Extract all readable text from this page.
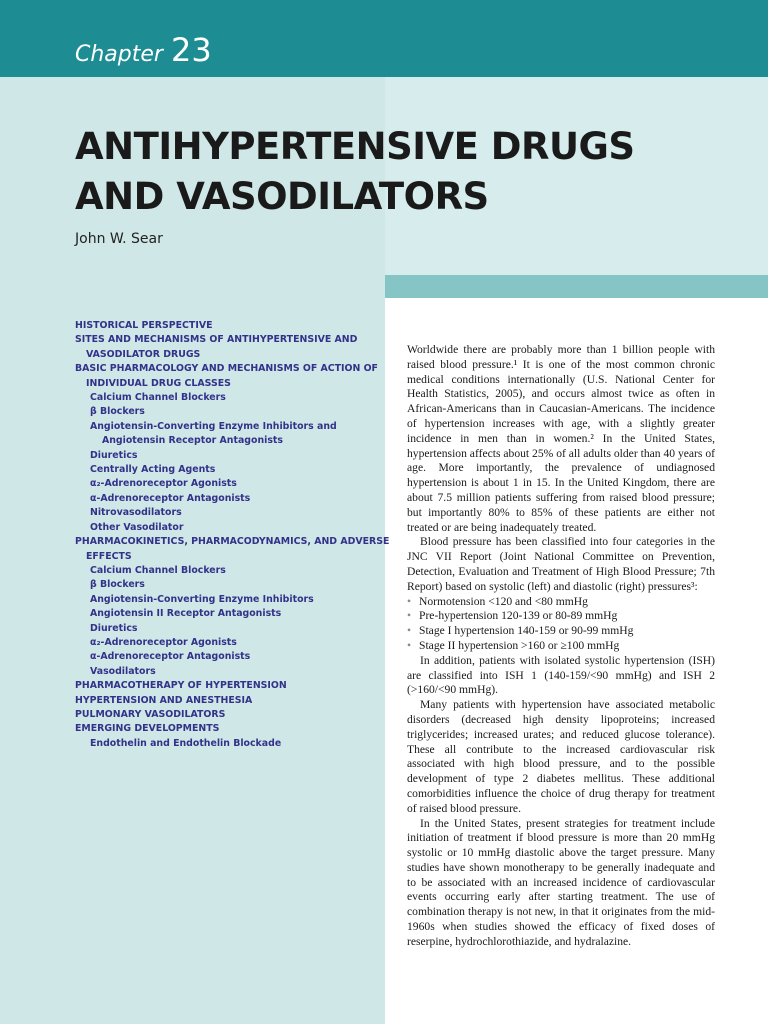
Chapter 23
ANTIHYPERTENSIVE DRUGS
AND VASODILATORS
John W. Sear
HISTORICAL PERSPECTIVE
SITES AND MECHANISMS OF ANTIHYPERTENSIVE AND
VASODILATOR DRUGS
BASIC PHARMACOLOGY AND MECHANISMS OF ACTION OF
INDIVIDUAL DRUG CLASSES
Calcium Channel Blockers
β Blockers
Angiotensin-Converting Enzyme Inhibitors and
Angiotensin Receptor Antagonists
Diuretics
Centrally Acting Agents
α₂-Adrenoreceptor Agonists
α-Adrenoreceptor Antagonists
Nitrovasodilators
Other Vasodilator
PHARMACOKINETICS, PHARMACODYNAMICS, AND ADVERSE
EFFECTS
Calcium Channel Blockers
β Blockers
Angiotensin-Converting Enzyme Inhibitors
Angiotensin II Receptor Antagonists
Diuretics
α₂-Adrenoreceptor Agonists
α-Adrenoreceptor Antagonists
Vasodilators
PHARMACOTHERAPY OF HYPERTENSION
HYPERTENSION AND ANESTHESIA
PULMONARY VASODILATORS
EMERGING DEVELOPMENTS
Endothelin and Endothelin Blockade

Worldwide there are probably more than 1 billion people with raised blood pressure.¹ It is one of the most common chronic medical conditions internationally (U.S. National Center for Health Statistics, 2005), and occurs almost twice as often in African-Americans than in Caucasian-Americans. The incidence of hypertension increases with age, with a slightly greater incidence in men than in women.² In the United States, hypertension affects about 25% of all adults older than 40 years of age. More importantly, the prevalence of undiagnosed hypertension is about 1 in 15. In the United Kingdom, there are about 7.5 million patients suffering from raised blood pressure; but importantly 80% to 85% of these patients are either not treated or are being inadequately treated.

Blood pressure has been classified into four categories in the JNC VII Report (Joint National Committee on Prevention, Detection, Evaluation and Treatment of High Blood Pressure; 7th Report) based on systolic (left) and diastolic (right) pressures³:

• Normotension <120 and <80 mmHg
• Pre-hypertension 120-139 or 80-89 mmHg
• Stage I hypertension 140-159 or 90-99 mmHg
• Stage II hypertension >160 or ≥100 mmHg

In addition, patients with isolated systolic hypertension (ISH) are classified into ISH 1 (140-159/<90 mmHg) and ISH 2 (>160/<90 mmHg).

Many patients with hypertension have associated metabolic disorders (decreased high density lipoproteins; increased triglycerides; increased urates; and reduced glucose tolerance). These all contribute to the increased cardiovascular risk associated with high blood pressure, and to the possible development of type 2 diabetes mellitus. These additional comorbidities influence the choice of drug therapy for treatment of raised blood pressure.

In the United States, present strategies for treatment include initiation of treatment if blood pressure is more than 20 mmHg systolic or 10 mmHg diastolic above the target pressure. Many studies have shown monotherapy to be generally inadequate and to be associated with an increased incidence of cardiovascular events occurring early after starting treatment. The use of combination therapy is not new, in that it originates from the mid-1960s when studies showed the efficacy of fixed doses of reserpine, hydrochlorothiazide, and hydralazine.
